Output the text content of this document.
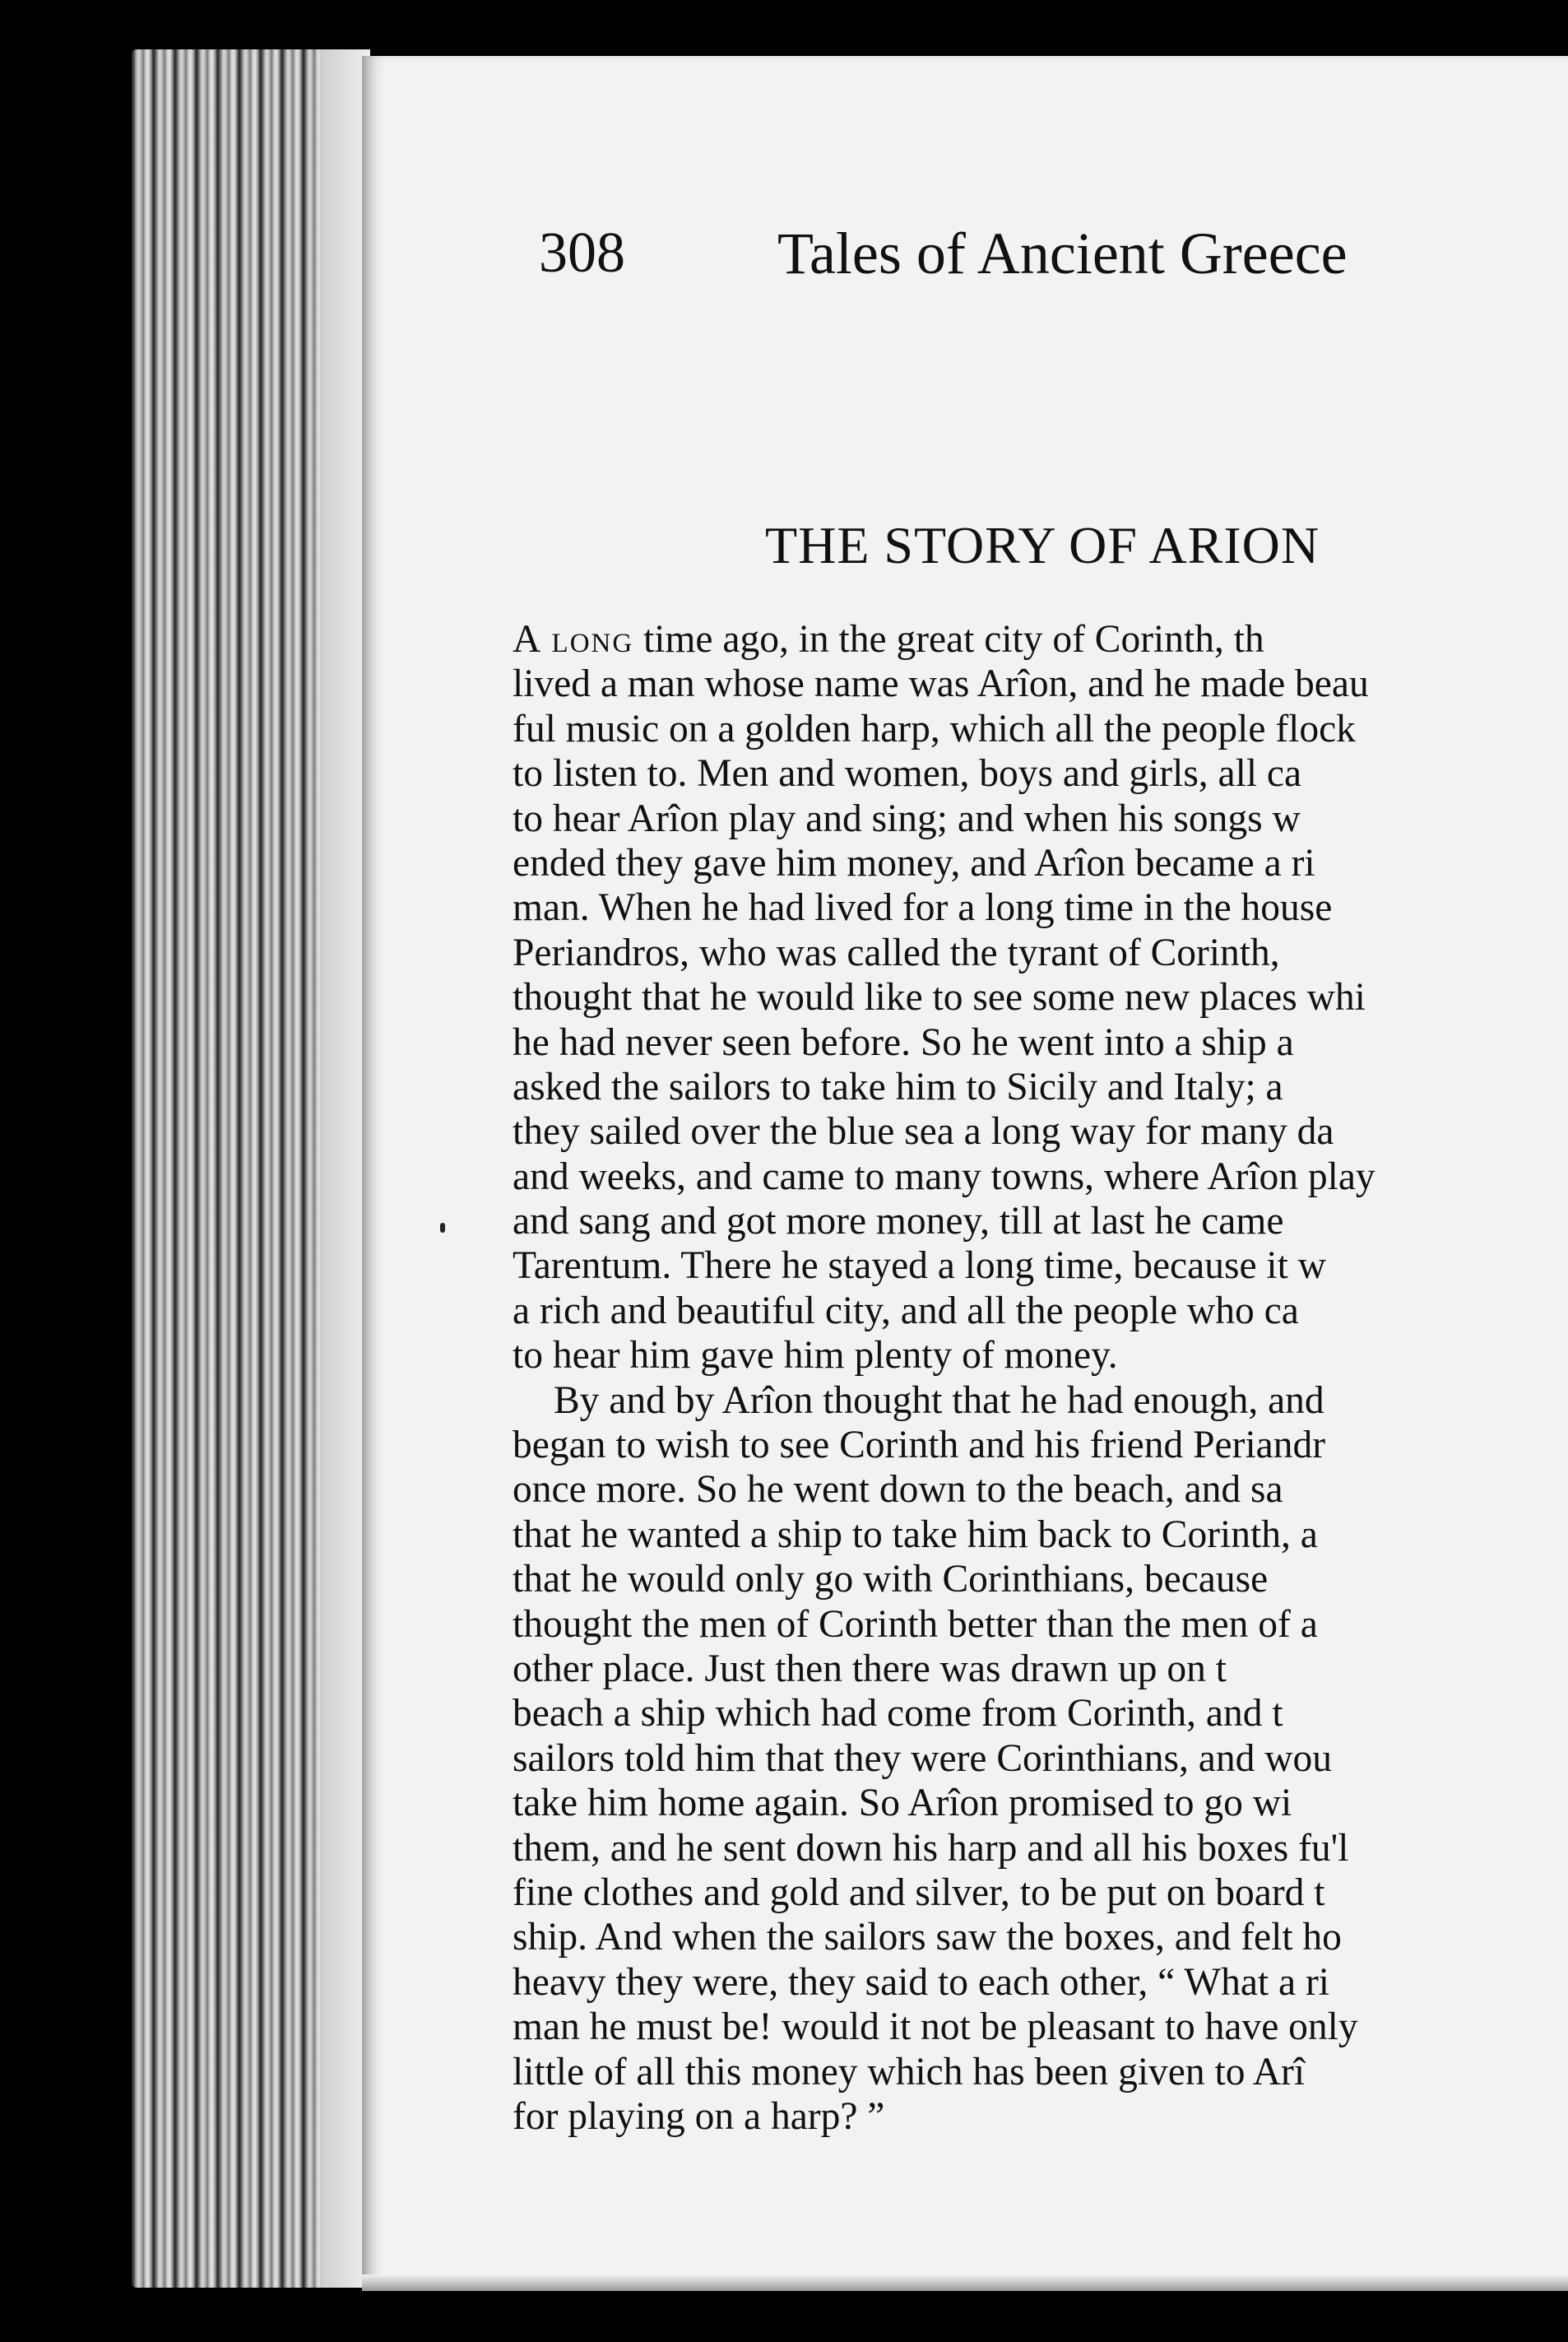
308	Tales of Ancient Greece
THE STORY OF ARION
A long time ago, in the great city of Corinth, th
lived a man whose name was Arîon, and he made beau
ful music on a golden harp, which all the people flock
to listen to. Men and women, boys and girls, all ca
to hear Arîon play and sing; and when his songs w
ended they gave him money, and Arîon became a ri
man. When he had lived for a long time in the house
Periandros, who was called the tyrant of Corinth,
thought that he would like to see some new places whi
he had never seen before. So he went into a ship a
asked the sailors to take him to Sicily and Italy; a
they sailed over the blue sea a long way for many da
and weeks, and came to many towns, where Arîon play
and sang and got more money, till at last he came
Tarentum. There he stayed a long time, because it w
a rich and beautiful city, and all the people who ca
to hear him gave him plenty of money.
By and by Arîon thought that he had enough, and
began to wish to see Corinth and his friend Periandr
once more. So he went down to the beach, and sa
that he wanted a ship to take him back to Corinth, a
that he would only go with Corinthians, because
thought the men of Corinth better than the men of a
other place. Just then there was drawn up on t
beach a ship which had come from Corinth, and t
sailors told him that they were Corinthians, and wou
take him home again. So Arîon promised to go wi
them, and he sent down his harp and all his boxes fu'l
fine clothes and gold and silver, to be put on board t
ship. And when the sailors saw the boxes, and felt ho
heavy they were, they said to each other, “ What a ri
man he must be! would it not be pleasant to have only
little of all this money which has been given to Arî
for playing on a harp? ”
